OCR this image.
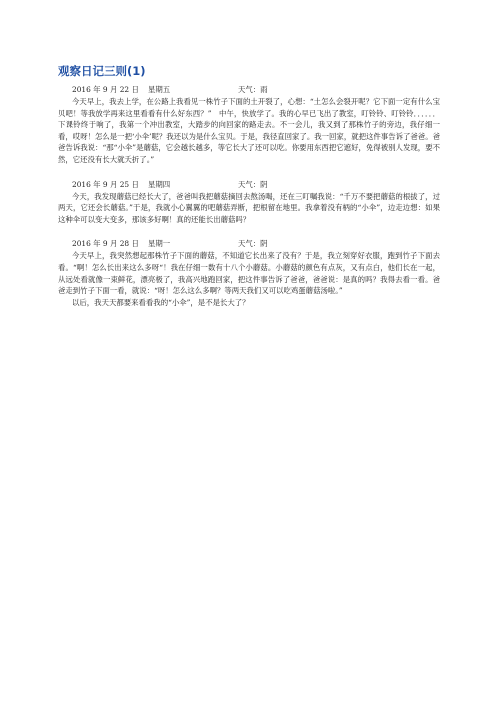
观察日记三则(1)
2016 年 9 月 22 日 星期五	天气：雨

今天早上，我去上学，在公路上我看见一株竹子下面的土开裂了，心想：“土怎么会裂开呢？它下面一定有什么宝贝吧！等我放学再来这里看看有什么好东西？”　中午，快放学了。我的心早已飞出了教室，叮铃铃、叮铃铃．．．．．．下课铃终于响了，我第一个冲出教室，大踏步的向回家的路走去。不一会儿，我又到了那株竹子的旁边，我仔细一看，哎呀！怎么是一把‘小伞’呢？我还以为是什么宝贝。于是，我径直回家了。我一回家，就把这件事告诉了爸爸。爸爸告诉我说：“那“小伞”是蘑菇，它会越长越多，等它长大了还可以吃。你要用东西把它遮好，免得被别人发现，要不然，它还没有长大就夭折了。”

2016 年 9 月 25 日 星期四	天气：阴

今天，我发现蘑菇已经长大了，爸爸叫我把蘑菇摘回去熬汤喝，还在三叮嘱我说：“千万不要把蘑菇的根拔了，过两天，它还会长蘑菇。”于是，我就小心翼翼的吧蘑菇弄断，把根留在地里。我拿着没有柄的“小伞”，边走边想：如果这种伞可以变大变多，那该多好啊！真的还能长出蘑菇吗？

2016 年 9 月 28 日 星期一	天气：阴

今天早上，我突然想起那株竹子下面的蘑菇，不知道它长出来了没有？于是，我立刻穿好衣服，跑到竹子下面去看。“啊！怎么长出来这么多呀“！我在仔细一数有十八个小蘑菇。小蘑菇的颜色有点灰，又有点白，他们长在一起，从远处看就像一束鲜花，漂亮极了，我高兴地跑回家，把这件事告诉了爸爸，爸爸说：是真的吗？我得去看一看。爸爸走到竹子下面一看，就说：“呀！怎么这么多啊？等两天我们又可以吃鸡蛋蘑菇汤啦。”

以后，我天天都要来看看我的“小伞”，是不是长大了？
